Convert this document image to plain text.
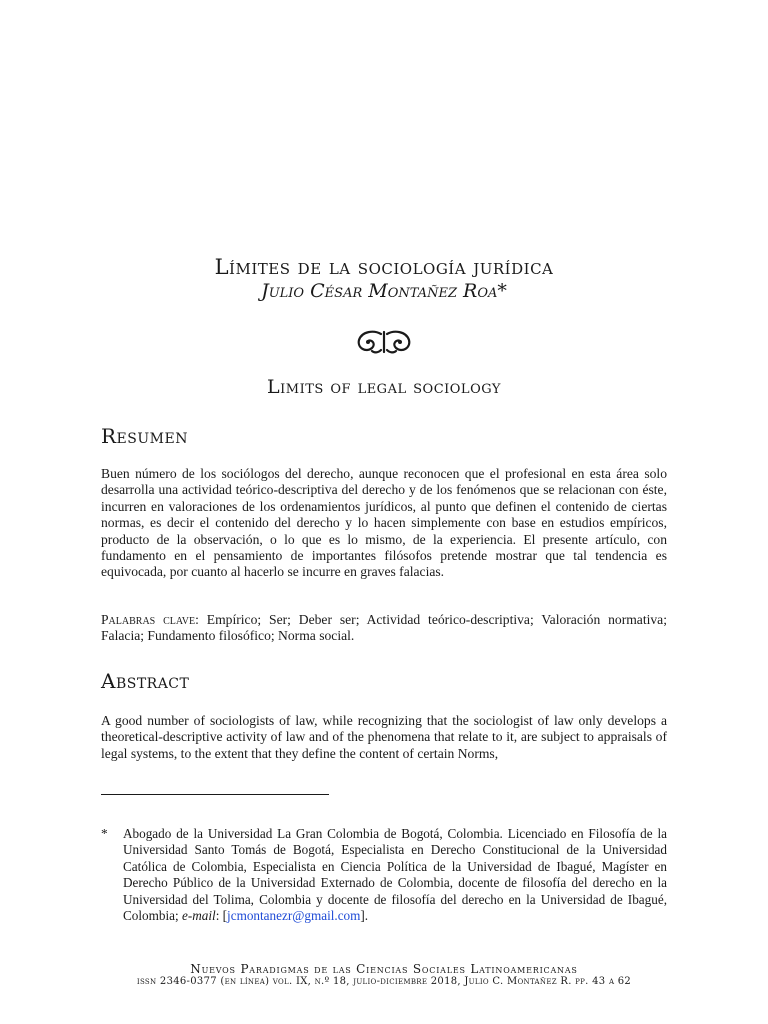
Límites de la sociología jurídica
Julio César Montañez Roa*
Limits of legal sociology
Resumen

Buen número de los sociólogos del derecho, aunque reconocen que el profesional en esta área solo desarrolla una actividad teórico-descriptiva del derecho y de los fenómenos que se relacionan con éste, incurren en valoraciones de los ordenamientos jurídicos, al punto que definen el contenido de ciertas normas, es decir el contenido del derecho y lo hacen simplemente con base en estudios empíricos, producto de la observación, o lo que es lo mismo, de la experiencia. El presente artículo, con fundamento en el pensamiento de importantes filósofos pretende mostrar que tal tendencia es equivocada, por cuanto al hacerlo se incurre en graves falacias.

Palabras clave: Empírico; Ser; Deber ser; Actividad teórico-descriptiva; Valoración normativa; Falacia; Fundamento filosófico; Norma social.

Abstract

A good number of sociologists of law, while recognizing that the sociologist of law only develops a theoretical-descriptive activity of law and of the phenomena that relate to it, are subject to appraisals of legal systems, to the extent that they define the content of certain Norms,

* Abogado de la Universidad La Gran Colombia de Bogotá, Colombia. Licenciado en Filosofía de la Universidad Santo Tomás de Bogotá, Especialista en Derecho Constitucional de la Universidad Católica de Colombia, Especialista en Ciencia Política de la Universidad de Ibagué, Magíster en Derecho Público de la Universidad Externado de Colombia, docente de filosofía del derecho en la Universidad del Tolima, Colombia y docente de filosofía del derecho en la Universidad de Ibagué, Colombia; e-mail: [jcmontanezr@gmail.com].
Nuevos Paradigmas de las Ciencias Sociales Latinoamericanas
issn 2346-0377 (en línea) vol. IX, n.º 18, julio-diciembre 2018, Julio C. Montañez R. pp. 43 a 62
